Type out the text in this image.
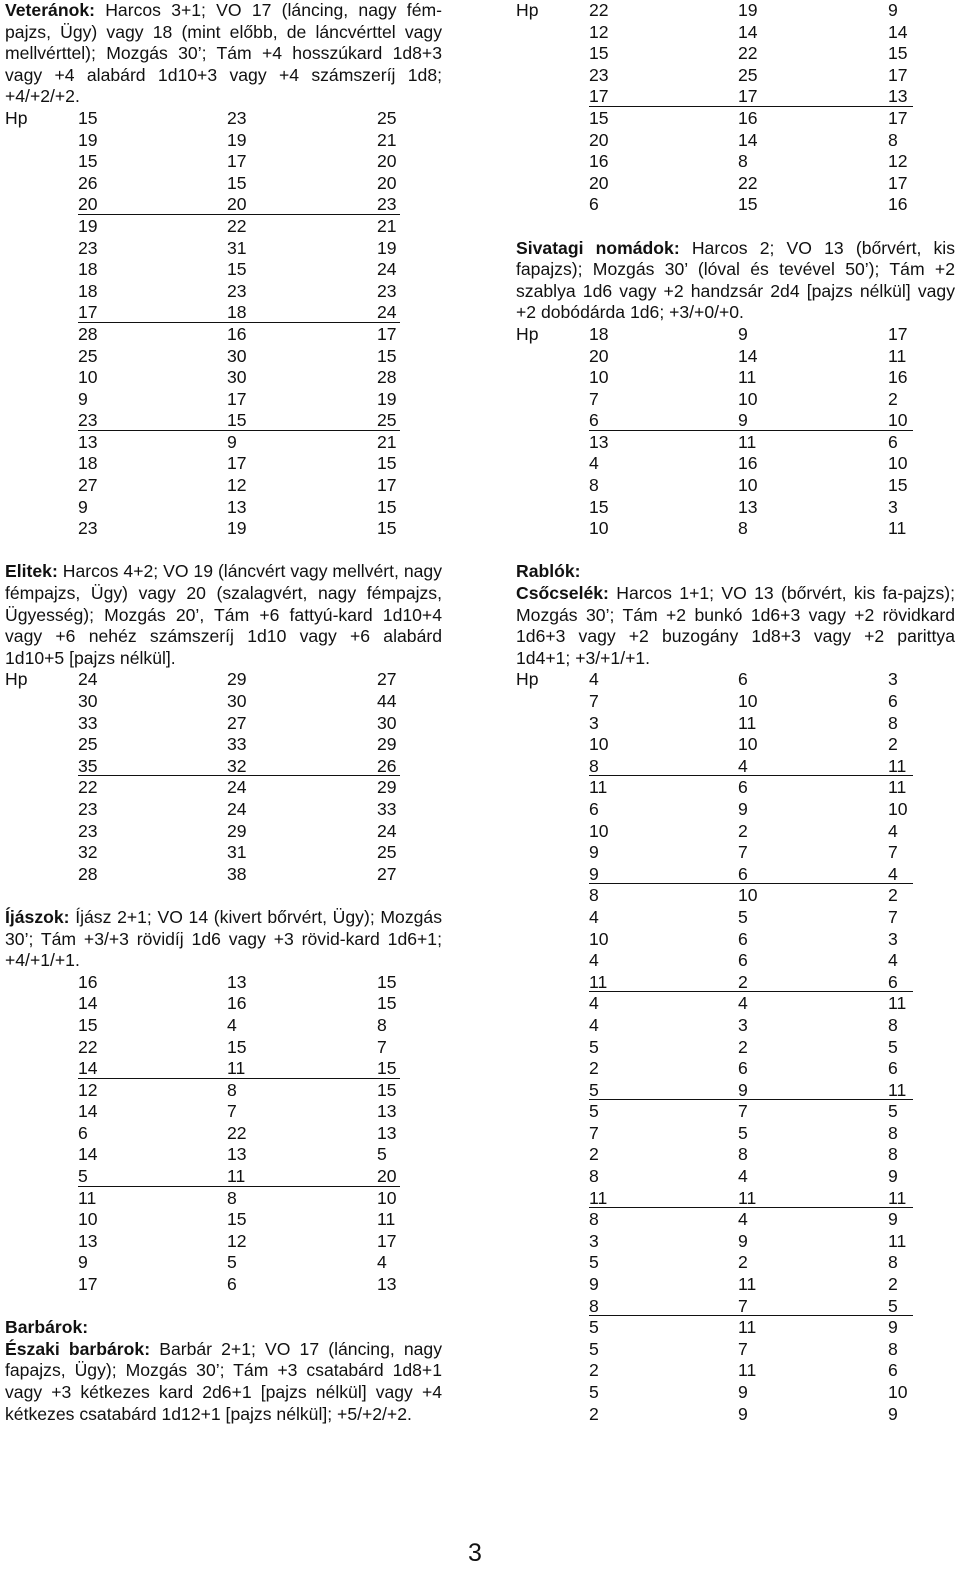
Veteránok: Harcos 3+1; VO 17 (láncing, nagy fém-pajzs, Ügy) vagy 18 (mint előbb, de láncvérttel vagy mellvérttel); Mozgás 30’; Tám +4 hosszúkard 1d8+3 vagy +4 alabárd 1d10+3 vagy +4 számszeríj 1d8; +4/+2/+2.

Hp	15	23	25
19	19	21
15	17	20
26	15	20
20	20	23
19	22	21
23	31	19
18	15	24
18	23	23
17	18	24
28	16	17
25	30	15
10	30	28
9	17	19
23	15	25
13	9	21
18	17	15
27	12	17
9	13	15
23	19	15

Elitek: Harcos 4+2; VO 19 (láncvért vagy mellvért, nagy fémpajzs, Ügy) vagy 20 (szalagvért, nagy fémpajzs, Ügyesség); Mozgás 20’, Tám +6 fattyú-kard 1d10+4 vagy +6 nehéz számszeríj 1d10 vagy +6 alabárd 1d10+5 [pajzs nélkül].

Hp	24	29	27
30	30	44
33	27	30
25	33	29
35	32	26
22	24	29
23	24	33
23	29	24
32	31	25
28	38	27

Íjászok: Íjász 2+1; VO 14 (kivert bőrvért, Ügy); Mozgás 30’; Tám +3/+3 rövidíj 1d6 vagy +3 rövid-kard 1d6+1; +4/+1/+1.

16	13	15
14	16	15
15	4	8
22	15	7
14	11	15
12	8	15
14	7	13
6	22	13
14	13	5
5	11	20
11	8	10
10	15	11
13	12	17
9	5	4
17	6	13

Barbárok:

Északi barbárok: Barbár 2+1; VO 17 (láncing, nagy fapajzs, Ügy); Mozgás 30’; Tám +3 csatabárd 1d8+1 vagy +3 kétkezes kard 2d6+1 [pajzs nélkül] vagy +4 kétkezes csatabárd 1d12+1 [pajzs nélkül]; +5/+2/+2.

Hp	22	19	9
12	14	14
15	22	15
23	25	17
17	17	13
15	16	17
20	14	8
16	8	12
20	22	17
6	15	16

Sivatagi nomádok: Harcos 2; VO 13 (bőrvért, kis fapajzs); Mozgás 30’ (lóval és tevével 50’); Tám +2 szablya 1d6 vagy +2 handzsár 2d4 [pajzs nélkül] vagy +2 dobódárda 1d6; +3/+0/+0.

Hp	18	9	17
20	14	11
10	11	16
7	10	2
6	9	10
13	11	6
4	16	10
8	10	15
15	13	3
10	8	11

Rablók:

Csőcselék: Harcos 1+1; VO 13 (bőrvért, kis fa-pajzs); Mozgás 30’; Tám +2 bunkó 1d6+3 vagy +2 rövidkard 1d6+3 vagy +2 buzogány 1d8+3 vagy +2 parittya 1d4+1; +3/+1/+1.

Hp	4	6	3
7	10	6
3	11	8
10	10	2
8	4	11
11	6	11
6	9	10
10	2	4
9	7	7
9	6	4
8	10	2
4	5	7
10	6	3
4	6	4
11	2	6
4	4	11
4	3	8
5	2	5
2	6	6
5	9	11
5	7	5
7	5	8
2	8	8
8	4	9
11	11	11
8	4	9
3	9	11
5	2	8
9	11	2
8	7	5
5	11	9
5	7	8
2	11	6
5	9	10
2	9	9
3
